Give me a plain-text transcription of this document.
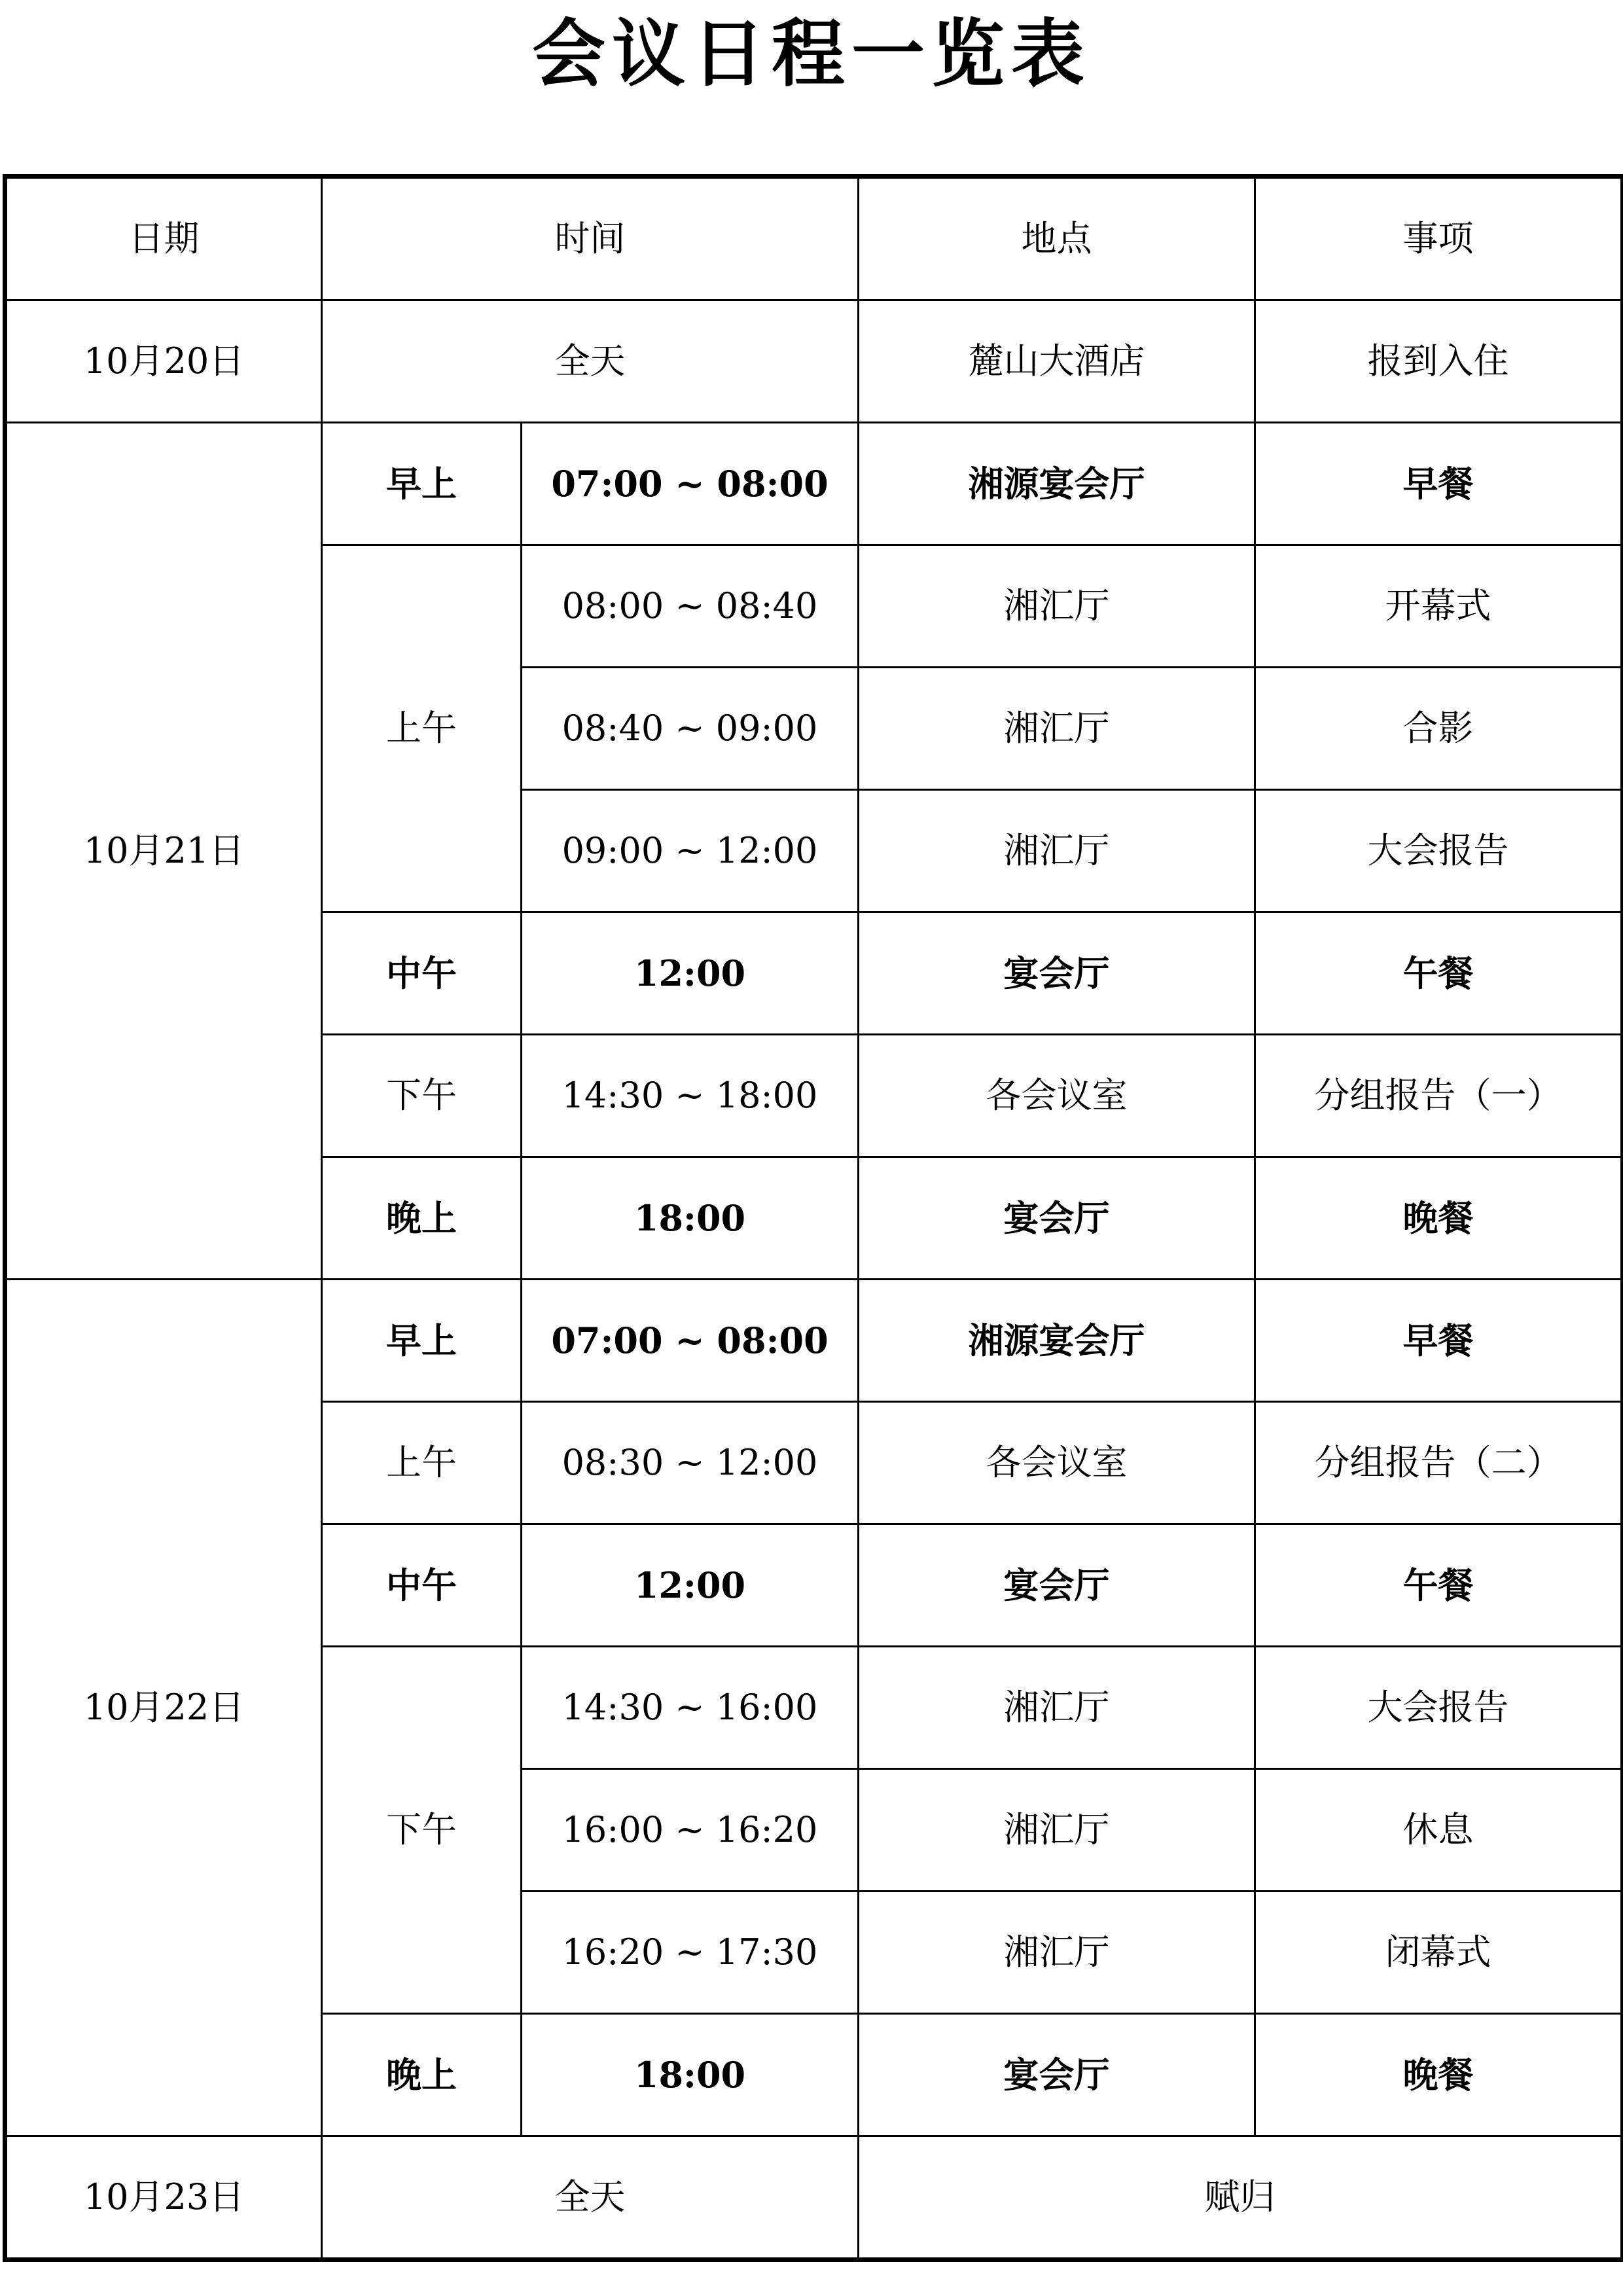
会议日程一览表
日期	时间		地点	事项
10月20日	全天		麓山大酒店	报到入住
10月21日	早上	07:00 ~ 08:00	湘源宴会厅	早餐
	上午	08:00 ~ 08:40	湘汇厅	开幕式
		08:40 ~ 09:00	湘汇厅	合影
		09:00 ~ 12:00	湘汇厅	大会报告
	中午	12:00	宴会厅	午餐
	下午	14:30 ~ 18:00	各会议室	分组报告（一）
	晚上	18:00	宴会厅	晚餐
10月22日	早上	07:00 ~ 08:00	湘源宴会厅	早餐
	上午	08:30 ~ 12:00	各会议室	分组报告（二）
	中午	12:00	宴会厅	午餐
	下午	14:30 ~ 16:00	湘汇厅	大会报告
		16:00 ~ 16:20	湘汇厅	休息
		16:20 ~ 17:30	湘汇厅	闭幕式
	晚上	18:00	宴会厅	晚餐
10月23日	全天		赋归	
